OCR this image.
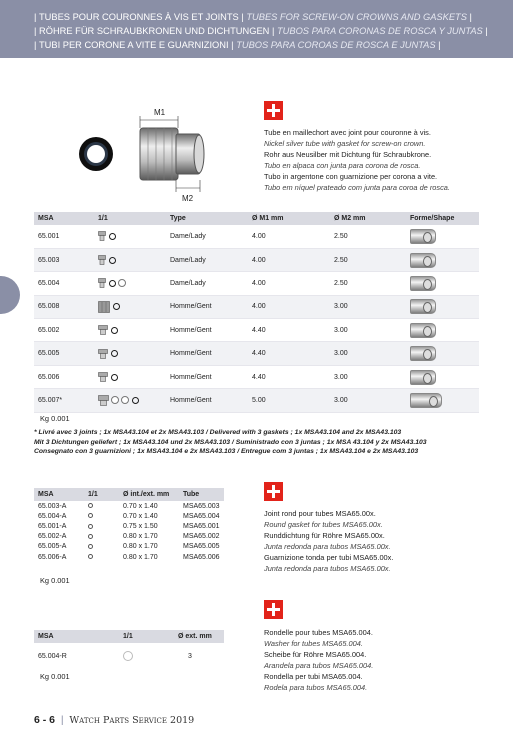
| TUBES POUR COURONNES À VIS ET JOINTS | TUBES FOR SCREW-ON CROWNS AND GASKETS |
| RÖHRE FÜR SCHRAUBKRONEN UND DICHTUNGEN | TUBOS PARA CORONAS DE ROSCA Y JUNTAS |
| TUBI PER CORONE A VITE E GUARNIZIONI | TUBOS PARA COROAS DE ROSCA E JUNTAS |
M1
M2
Tube en maillechort avec joint pour couronne à vis.
Nickel silver tube with gasket for screw-on crown.
Rohr aus Neusilber mit Dichtung für Schraubkrone.
Tubo en alpaca con junta para corona de rosca.
Tubo in argentone con guarnizione per corona a vite.
Tubo em níquel prateado com junta para coroa de rosca.
MSA	1/1	Type	Ø M1 mm	Ø M2 mm	Forme/Shape
65.001		Dame/Lady	4.00	2.50	
65.003		Dame/Lady	4.00	2.50	
65.004		Dame/Lady	4.00	2.50	
65.008		Homme/Gent	4.00	3.00	
65.002		Homme/Gent	4.40	3.00	
65.005		Homme/Gent	4.40	3.00	
65.006		Homme/Gent	4.40	3.00	
65.007*		Homme/Gent	5.00	3.00	
Kg 0.001
* Livré avec 3 joints ; 1x MSA43.104 et 2x MSA43.103 / Delivered with 3 gaskets ; 1x MSA43.104 and 2x MSA43.103
Mit 3 Dichtungen geliefert ; 1x MSA43.104 und 2x MSA43.103 / Suministrado con 3 juntas ; 1x MSA 43.104 y 2x MSA43.103
Consegnato con 3 guarnizioni ; 1x MSA43.104 e 2x MSA43.103 / Entregue com 3 juntas ; 1x MSA43.104 e 2x MSA43.103
MSA	1/1	Ø int./ext. mm	Tube
65.003-A		0.70 x 1.40	MSA65.003
65.004-A		0.70 x 1.40	MSA65.004
65.001-A		0.75 x 1.50	MSA65.001
65.002-A		0.80 x 1.70	MSA65.002
65.005-A		0.80 x 1.70	MSA65.005
65.006-A		0.80 x 1.70	MSA65.006
Kg 0.001
Joint rond pour tubes MSA65.00x.
Round gasket for tubes MSA65.00x.
Runddichtung für Röhre MSA65.00x.
Junta redonda para tubos MSA65.00x.
Guarnizione tonda per tubi MSA65.00x.
Junta redonda para tubos MSA65.00x.
MSA	1/1	Ø ext. mm
65.004-R		3
Kg 0.001
Rondelle pour tubes MSA65.004.
Washer for tubes MSA65.004.
Scheibe für Röhre MSA65.004.
Arandela para tubos MSA65.004.
Rondella per tubi MSA65.004.
Rodela para tubos MSA65.004.
6 - 6  |  Watch Parts Service 2019
